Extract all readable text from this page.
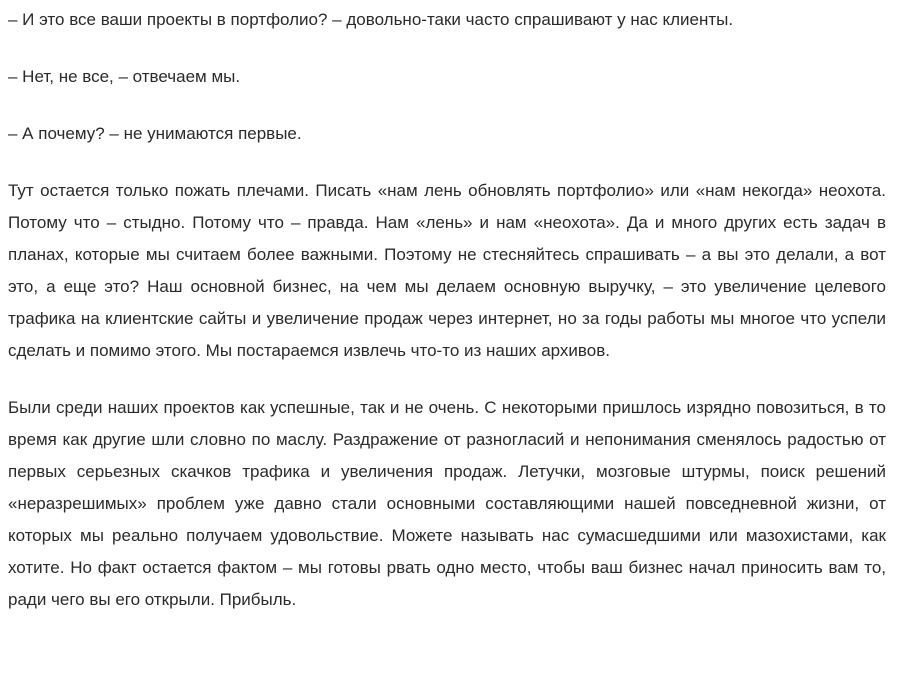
– И это все ваши проекты в портфолио? – довольно-таки часто спрашивают у нас клиенты.

– Нет, не все, – отвечаем мы.

– А почему? – не унимаются первые.

Тут остается только пожать плечами. Писать «нам лень обновлять портфолио» или «нам некогда» неохота. Потому что – стыдно. Потому что – правда. Нам «лень» и нам «неохота». Да и много других есть задач в планах, которые мы считаем более важными. Поэтому не стесняйтесь спрашивать – а вы это делали, а вот это, а еще это? Наш основной бизнес, на чем мы делаем основную выручку, – это увеличение целевого трафика на клиентские сайты и увеличение продаж через интернет, но за годы работы мы многое что успели сделать и помимо этого. Мы постараемся извлечь что-то из наших архивов.

Были среди наших проектов как успешные, так и не очень. С некоторыми пришлось изрядно повозиться, в то время как другие шли словно по маслу. Раздражение от разногласий и непонимания сменялось радостью от первых серьезных скачков трафика и увеличения продаж. Летучки, мозговые штурмы, поиск решений «неразрешимых» проблем уже давно стали основными составляющими нашей повседневной жизни, от которых мы реально получаем удовольствие. Можете называть нас сумасшедшими или мазохистами, как хотите. Но факт остается фактом – мы готовы рвать одно место, чтобы ваш бизнес начал приносить вам то, ради чего вы его открыли. Прибыль.
